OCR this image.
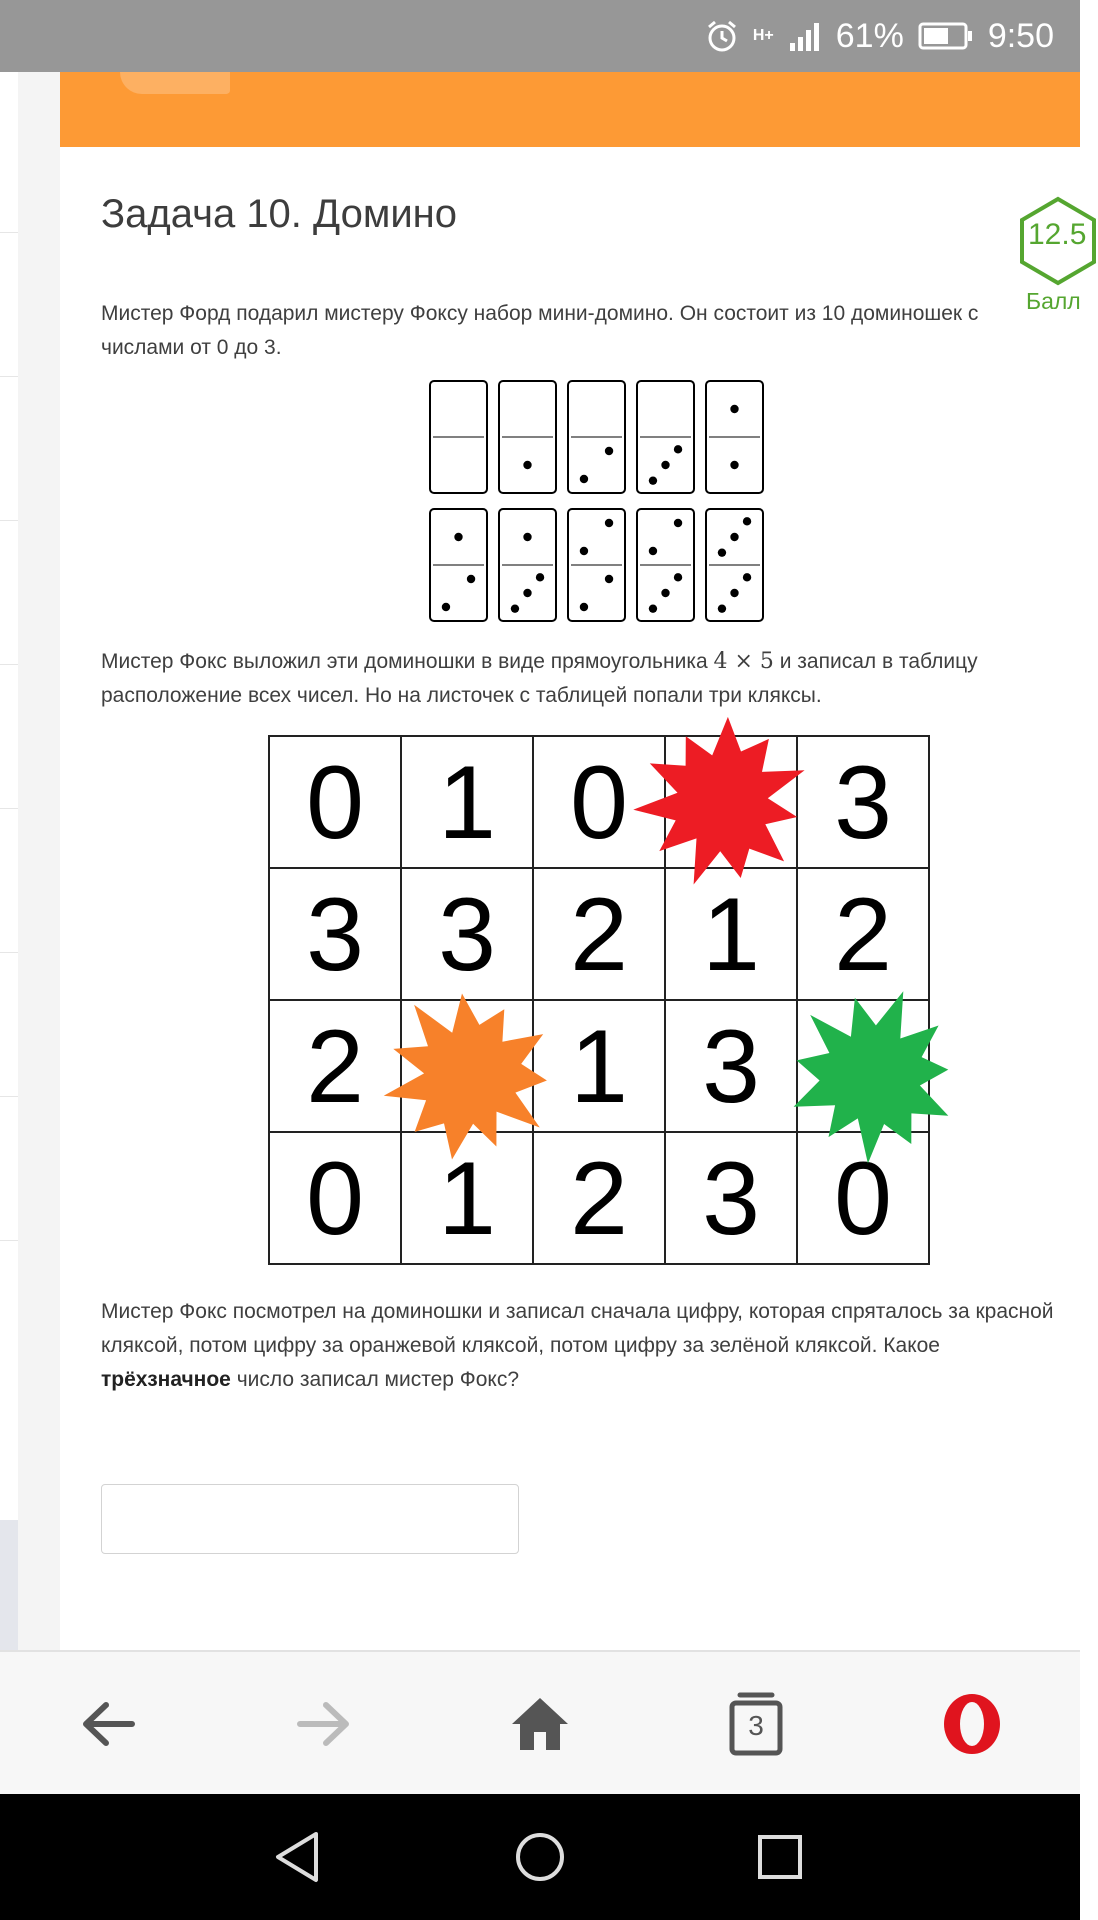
H+ 61% 9:50
Задача 10. Домино	12.5
Балл

Мистер Форд подарил мистеру Фоксу набор мини-домино. Он состоит из 10 доминошек с числами от 0 до 3.

Мистер Фокс выложил эти доминошки в виде прямоугольника 4 × 5 и записал в таблицу расположение всех чисел. Но на листочек с таблицей попали три кляксы.

0 1 0 3
3 3 2 1 2
2 1 3
0 1 2 3 0

Мистер Фокс посмотрел на доминошки и записал сначала цифру, которая спряталось за красной кляксой, потом цифру за оранжевой кляксой, потом цифру за зелёной кляксой. Какое трёхзначное число записал мистер Фокс?

3
